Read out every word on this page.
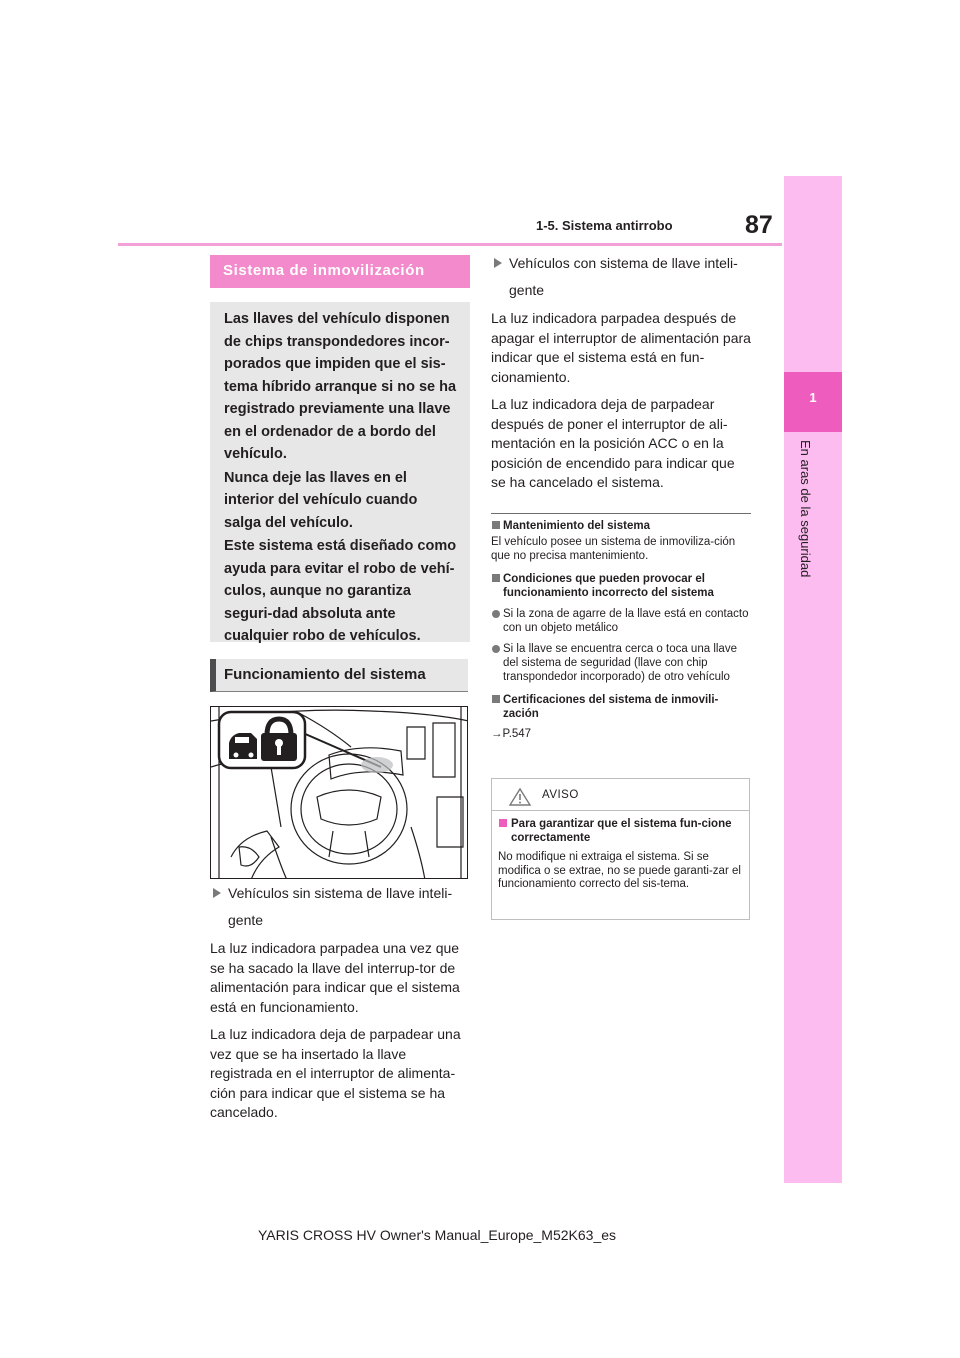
1-5. Sistema antirrobo	87
1
En aras de la seguridad
Sistema de inmovilización

Las llaves del vehículo disponen de chips transpondedores incor-porados que impiden que el sis-tema híbrido arranque si no se ha registrado previamente una llave en el ordenador de a bordo del vehículo.

Nunca deje las llaves en el interior del vehículo cuando salga del vehículo.

Este sistema está diseñado como ayuda para evitar el robo de vehí-culos, aunque no garantiza seguri-dad absoluta ante cualquier robo de vehículos.

Funcionamiento del sistema
Vehículos sin sistema de llave inteli-
gente

La luz indicadora parpadea una vez que se ha sacado la llave del interrup-tor de alimentación para indicar que el sistema está en funcionamiento.

La luz indicadora deja de parpadear una vez que se ha insertado la llave registrada en el interruptor de alimenta-ción para indicar que el sistema se ha cancelado.

Vehículos con sistema de llave inteli-
gente

La luz indicadora parpadea después de apagar el interruptor de alimentación para indicar que el sistema está en fun-cionamiento.

La luz indicadora deja de parpadear después de poner el interruptor de ali-mentación en la posición ACC o en la posición de encendido para indicar que se ha cancelado el sistema.

Mantenimiento del sistema

El vehículo posee un sistema de inmoviliza-ción que no precisa mantenimiento.

Condiciones que pueden provocar el funcionamiento incorrecto del sistema
Si la zona de agarre de la llave está en contacto con un objeto metálico
Si la llave se encuentra cerca o toca una llave del sistema de seguridad (llave con chip transpondedor incorporado) de otro vehículo
Certificaciones del sistema de inmovili-zación

→P.547

AVISO
Para garantizar que el sistema fun-cione correctamente

No modifique ni extraiga el sistema. Si se modifica o se extrae, no se puede garanti-zar el funcionamiento correcto del sis-tema.

YARIS CROSS HV Owner's Manual_Europe_M52K63_es
